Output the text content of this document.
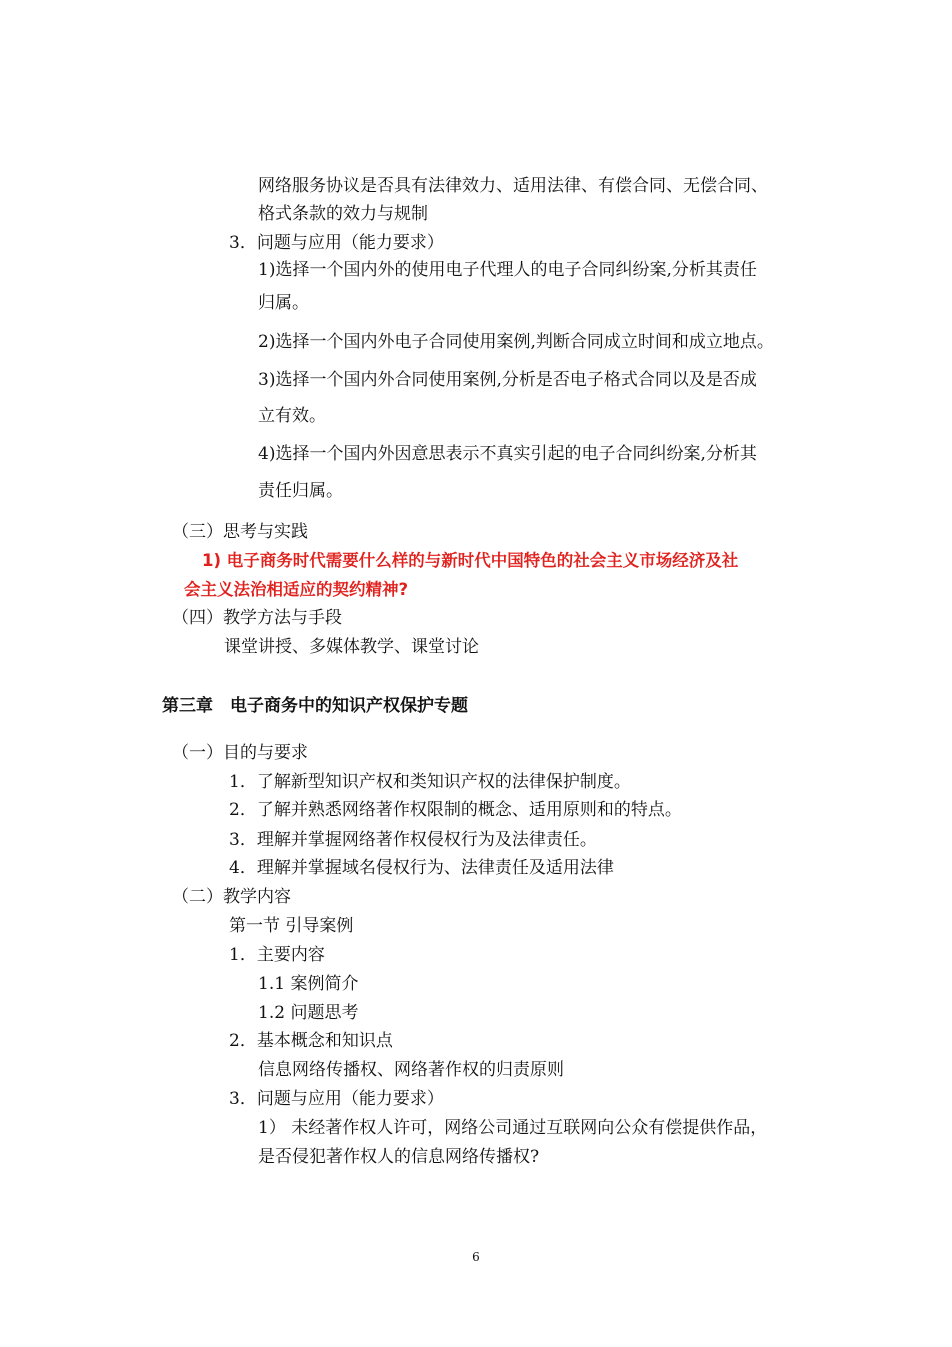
网络服务协议是否具有法律效力、适用法律、有偿合同、无偿合同、
格式条款的效力与规制
3．问题与应用（能力要求）
1)选择一个国内外的使用电子代理人的电子合同纠纷案,分析其责任
归属。
2)选择一个国内外电子合同使用案例,判断合同成立时间和成立地点。
3)选择一个国内外合同使用案例,分析是否电子格式合同以及是否成
立有效。
4)选择一个国内外因意思表示不真实引起的电子合同纠纷案,分析其
责任归属。
（三）思考与实践
1) 电子商务时代需要什么样的与新时代中国特色的社会主义市场经济及社
会主义法治相适应的契约精神?
（四）教学方法与手段
课堂讲授、多媒体教学、课堂讨论
第三章　电子商务中的知识产权保护专题
（一）目的与要求
1．了解新型知识产权和类知识产权的法律保护制度。
2．了解并熟悉网络著作权限制的概念、适用原则和的特点。
3．理解并掌握网络著作权侵权行为及法律责任。
4．理解并掌握域名侵权行为、法律责任及适用法律
（二）教学内容
第一节 引导案例
1．主要内容
1.1 案例简介
1.2 问题思考
2．基本概念和知识点
信息网络传播权、网络著作权的归责原则
3．问题与应用（能力要求）
1） 未经著作权人许可，网络公司通过互联网向公众有偿提供作品，
是否侵犯著作权人的信息网络传播权?
6
